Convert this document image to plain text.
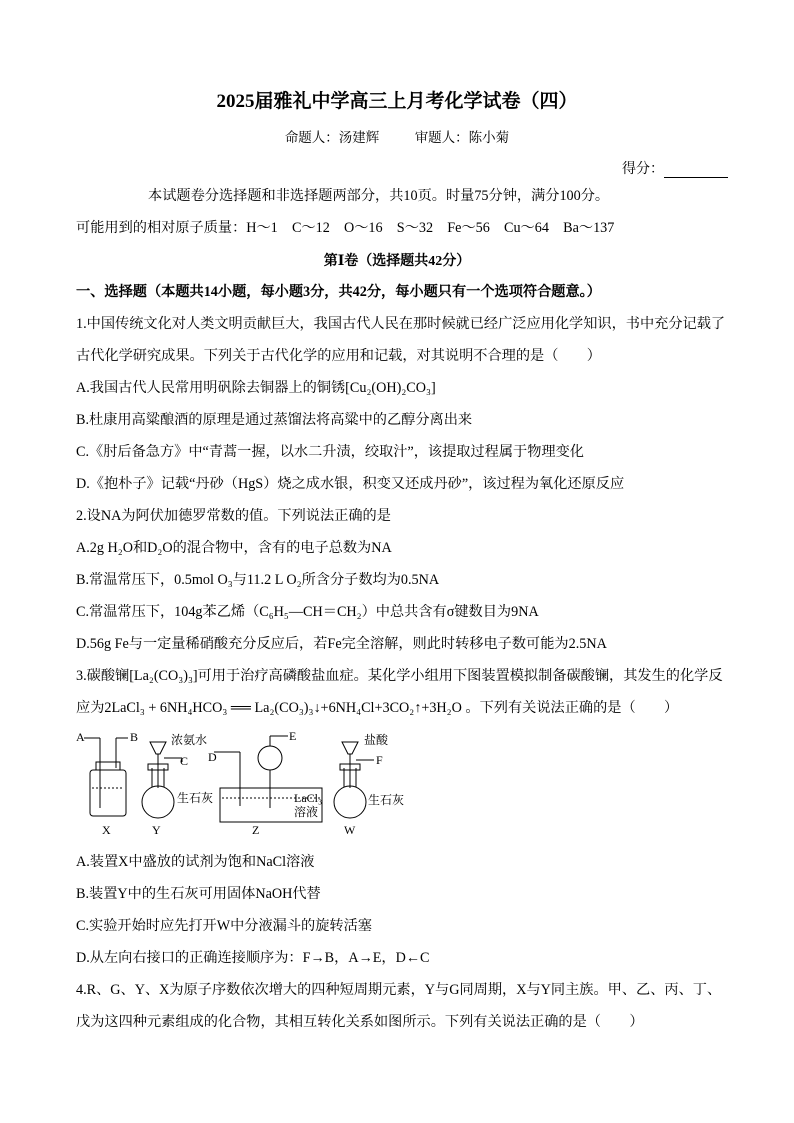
2025届雅礼中学高三上月考化学试卷（四）
命题人：汤建辉	审题人：陈小菊
得分：
本试题卷分选择题和非选择题两部分，共10页。时量75分钟，满分100分。
可能用到的相对原子质量：H～1　C～12　O～16　S～32　Fe～56　Cu～64　Ba～137
第Ⅰ卷（选择题共42分）
一、选择题（本题共14小题，每小题3分，共42分，每小题只有一个选项符合题意。）
1.中国传统文化对人类文明贡献巨大，我国古代人民在那时候就已经广泛应用化学知识，书中充分记载了
古代化学研究成果。下列关于古代化学的应用和记载，对其说明不合理的是（　　）
A.我国古代人民常用明矾除去铜器上的铜锈[Cu₂(OH)₂CO₃]
B.杜康用高粱酿酒的原理是通过蒸馏法将高粱中的乙醇分离出来
C.《肘后备急方》中“青蒿一握，以水二升渍，绞取汁”，该提取过程属于物理变化
D.《抱朴子》记载“丹砂（HgS）烧之成水银，积变又还成丹砂”，该过程为氧化还原反应
2.设NA为阿伏加德罗常数的值。下列说法正确的是
A.2g H₂O和D₂O的混合物中，含有的电子总数为NA
B.常温常压下，0.5mol O₃与11.2 L O₂所含分子数均为0.5NA
C.常温常压下，104g苯乙烯（C₆H₅—CH＝CH₂）中总共含有σ键数目为9NA
D.56g Fe与一定量稀硝酸充分反应后，若Fe完全溶解，则此时转移电子数可能为2.5NA
3.碳酸镧[La₂(CO₃)₃]可用于治疗高磷酸盐血症。某化学小组用下图装置模拟制备碳酸镧，其发生的化学反
应为2LaCl₃ + 6NH₄HCO₃ ══ La₂(CO₃)₃↓+6NH₄Cl+3CO₂↑+3H₂O 。下列有关说法正确的是（　　）
A	B	浓氨水
C
生石灰
D
E
LaCl₃
溶液
盐酸
F
生石灰
X	Y	Z	W
A.装置X中盛放的试剂为饱和NaCl溶液
B.装置Y中的生石灰可用固体NaOH代替
C.实验开始时应先打开W中分液漏斗的旋转活塞
D.从左向右接口的正确连接顺序为：F→B，A→E，D←C
4.R、G、Y、X为原子序数依次增大的四种短周期元素，Y与G同周期，X与Y同主族。甲、乙、丙、丁、
戊为这四种元素组成的化合物，其相互转化关系如图所示。下列有关说法正确的是（　　）
